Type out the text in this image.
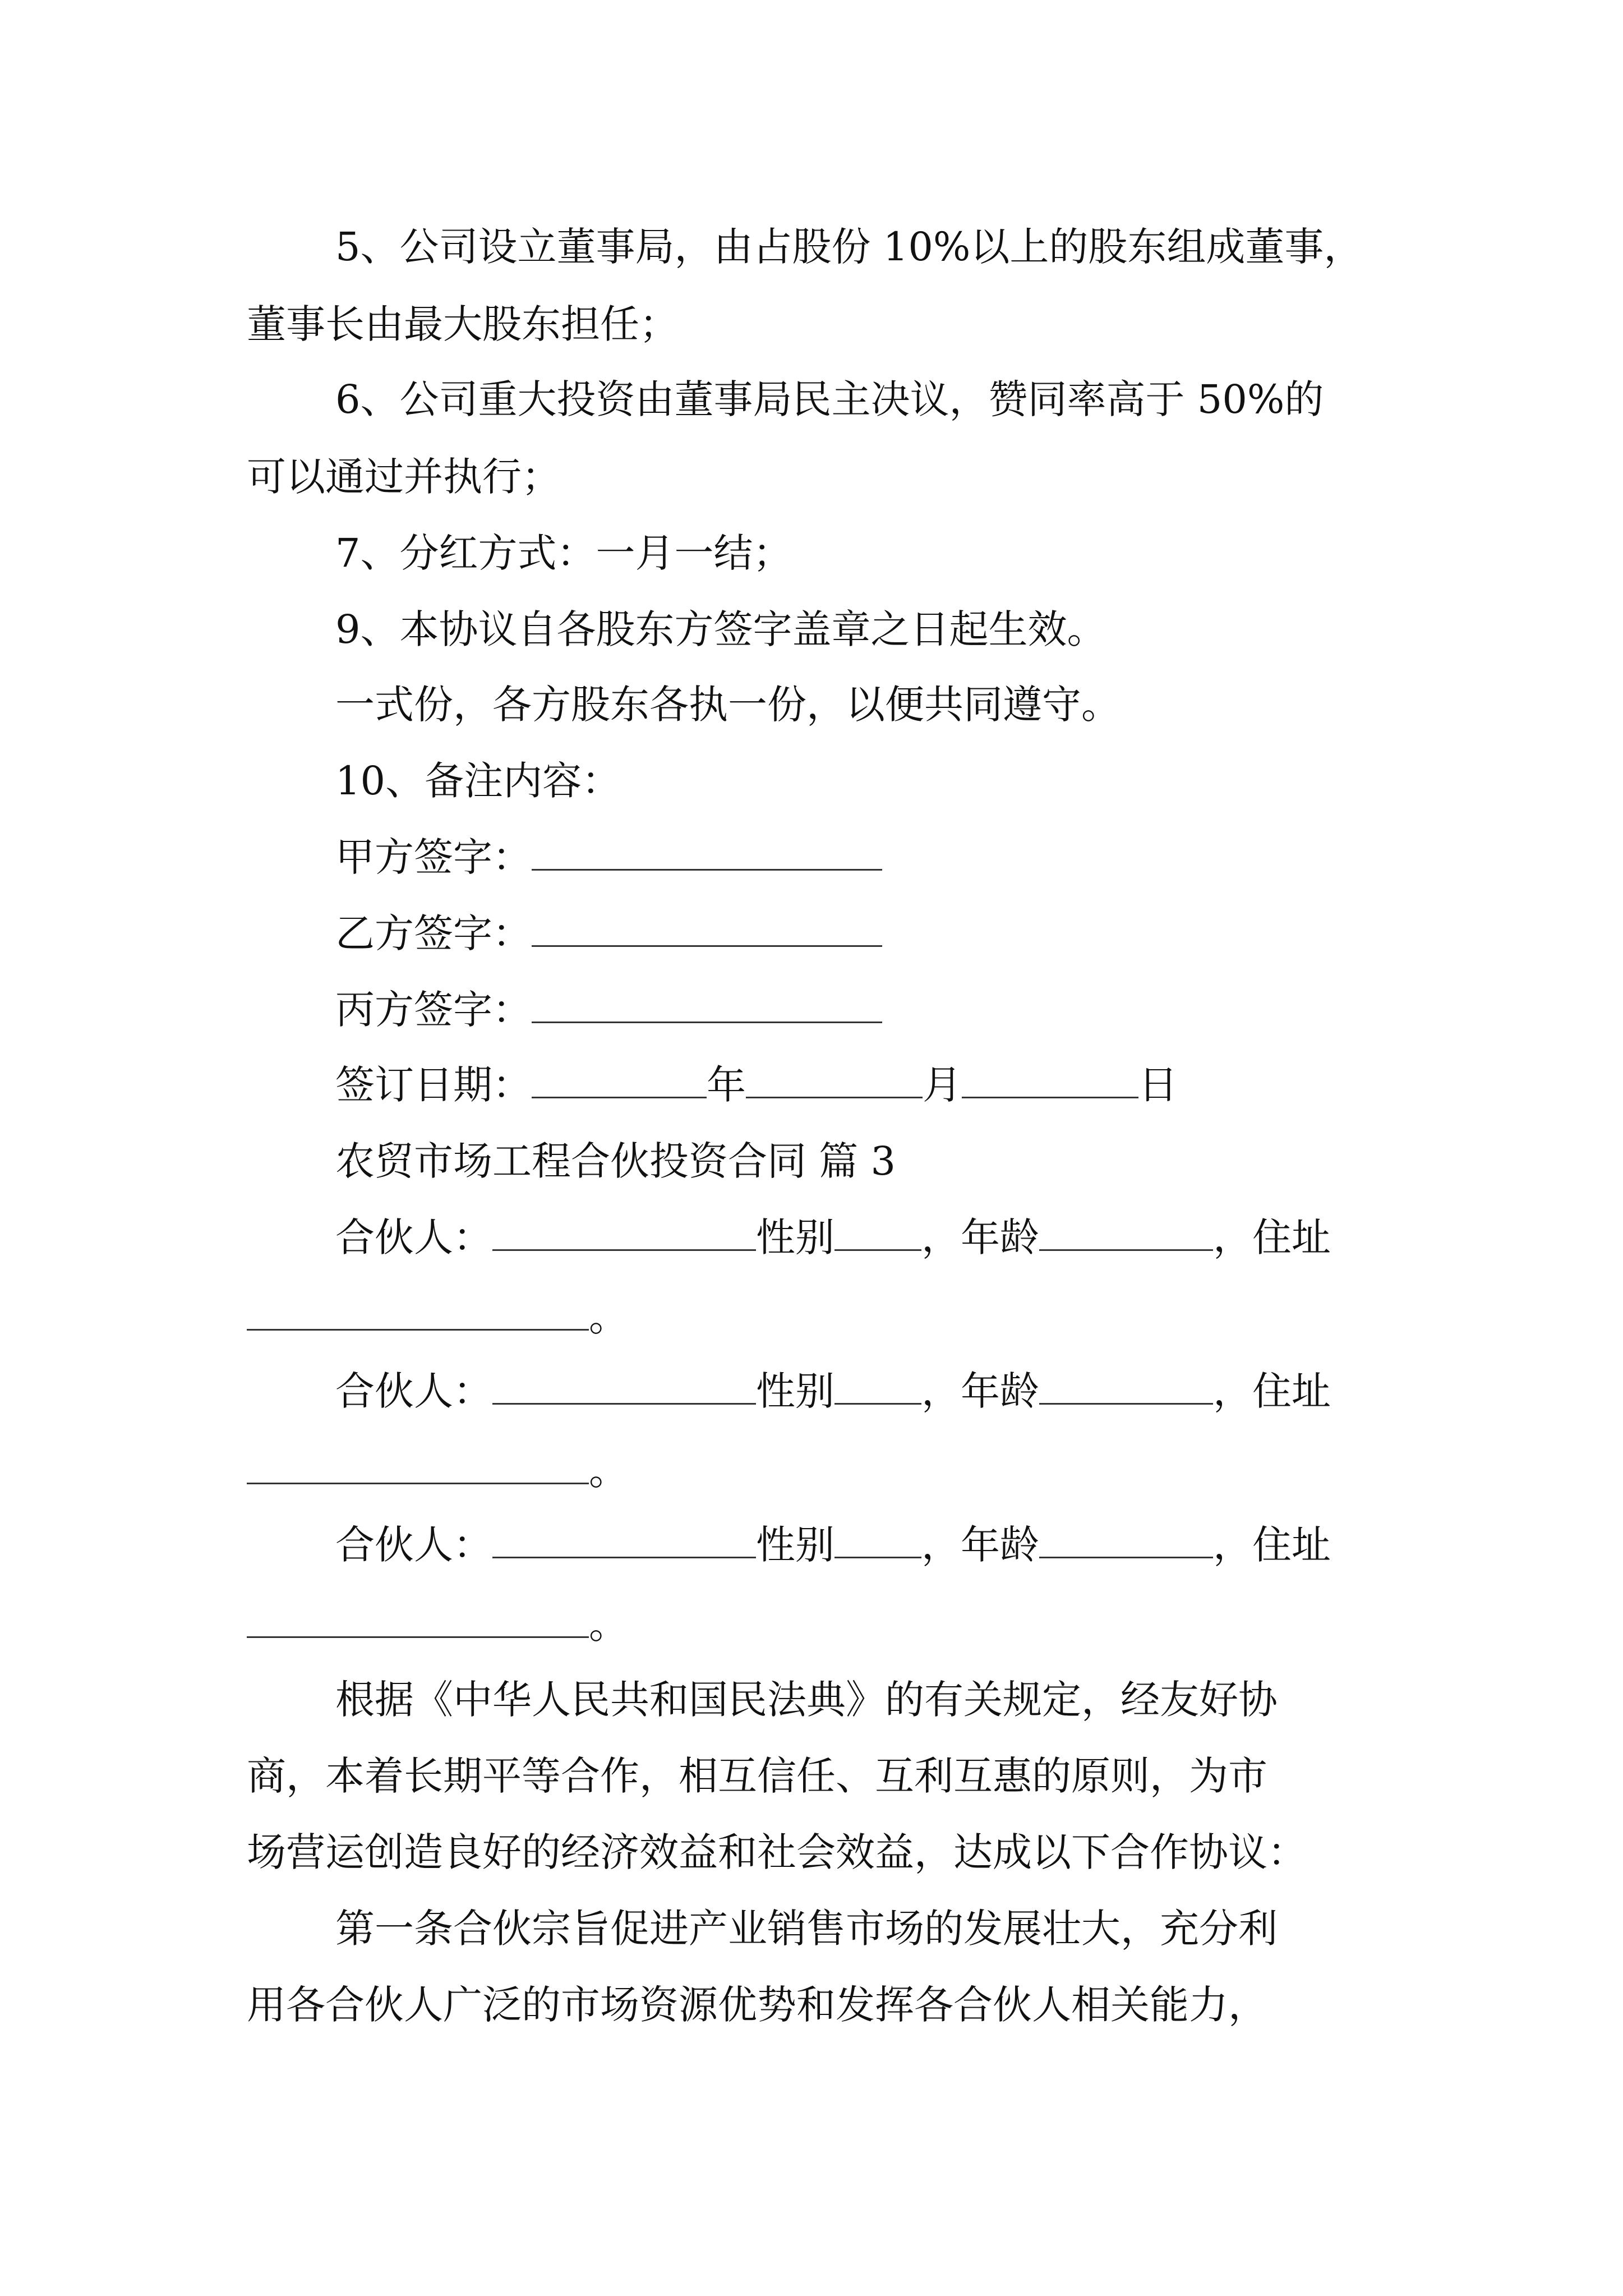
5、公司设立董事局，由占股份 10%以上的股东组成董事，

董事长由最大股东担任；

6、公司重大投资由董事局民主决议，赞同率高于 50%的

可以通过并执行；

7、分红方式：一月一结；

9、本协议自各股东方签字盖章之日起生效。

一式份，各方股东各执一份，以便共同遵守。

10、备注内容：

甲方签字：

乙方签字：

丙方签字：

签订日期：	年	月	日

农贸市场工程合伙投资合同 篇 3

合伙人：	性别 ，年龄	，住址

。

合伙人：	性别 ，年龄	，住址

。

合伙人：	性别 ，年龄	，住址

。

根据《中华人民共和国民法典》的有关规定，经友好协

商，本着长期平等合作，相互信任、互利互惠的原则，为市

场营运创造良好的经济效益和社会效益，达成以下合作协议：

第一条合伙宗旨促进产业销售市场的发展壮大，充分利

用各合伙人广泛的市场资源优势和发挥各合伙人相关能力，
